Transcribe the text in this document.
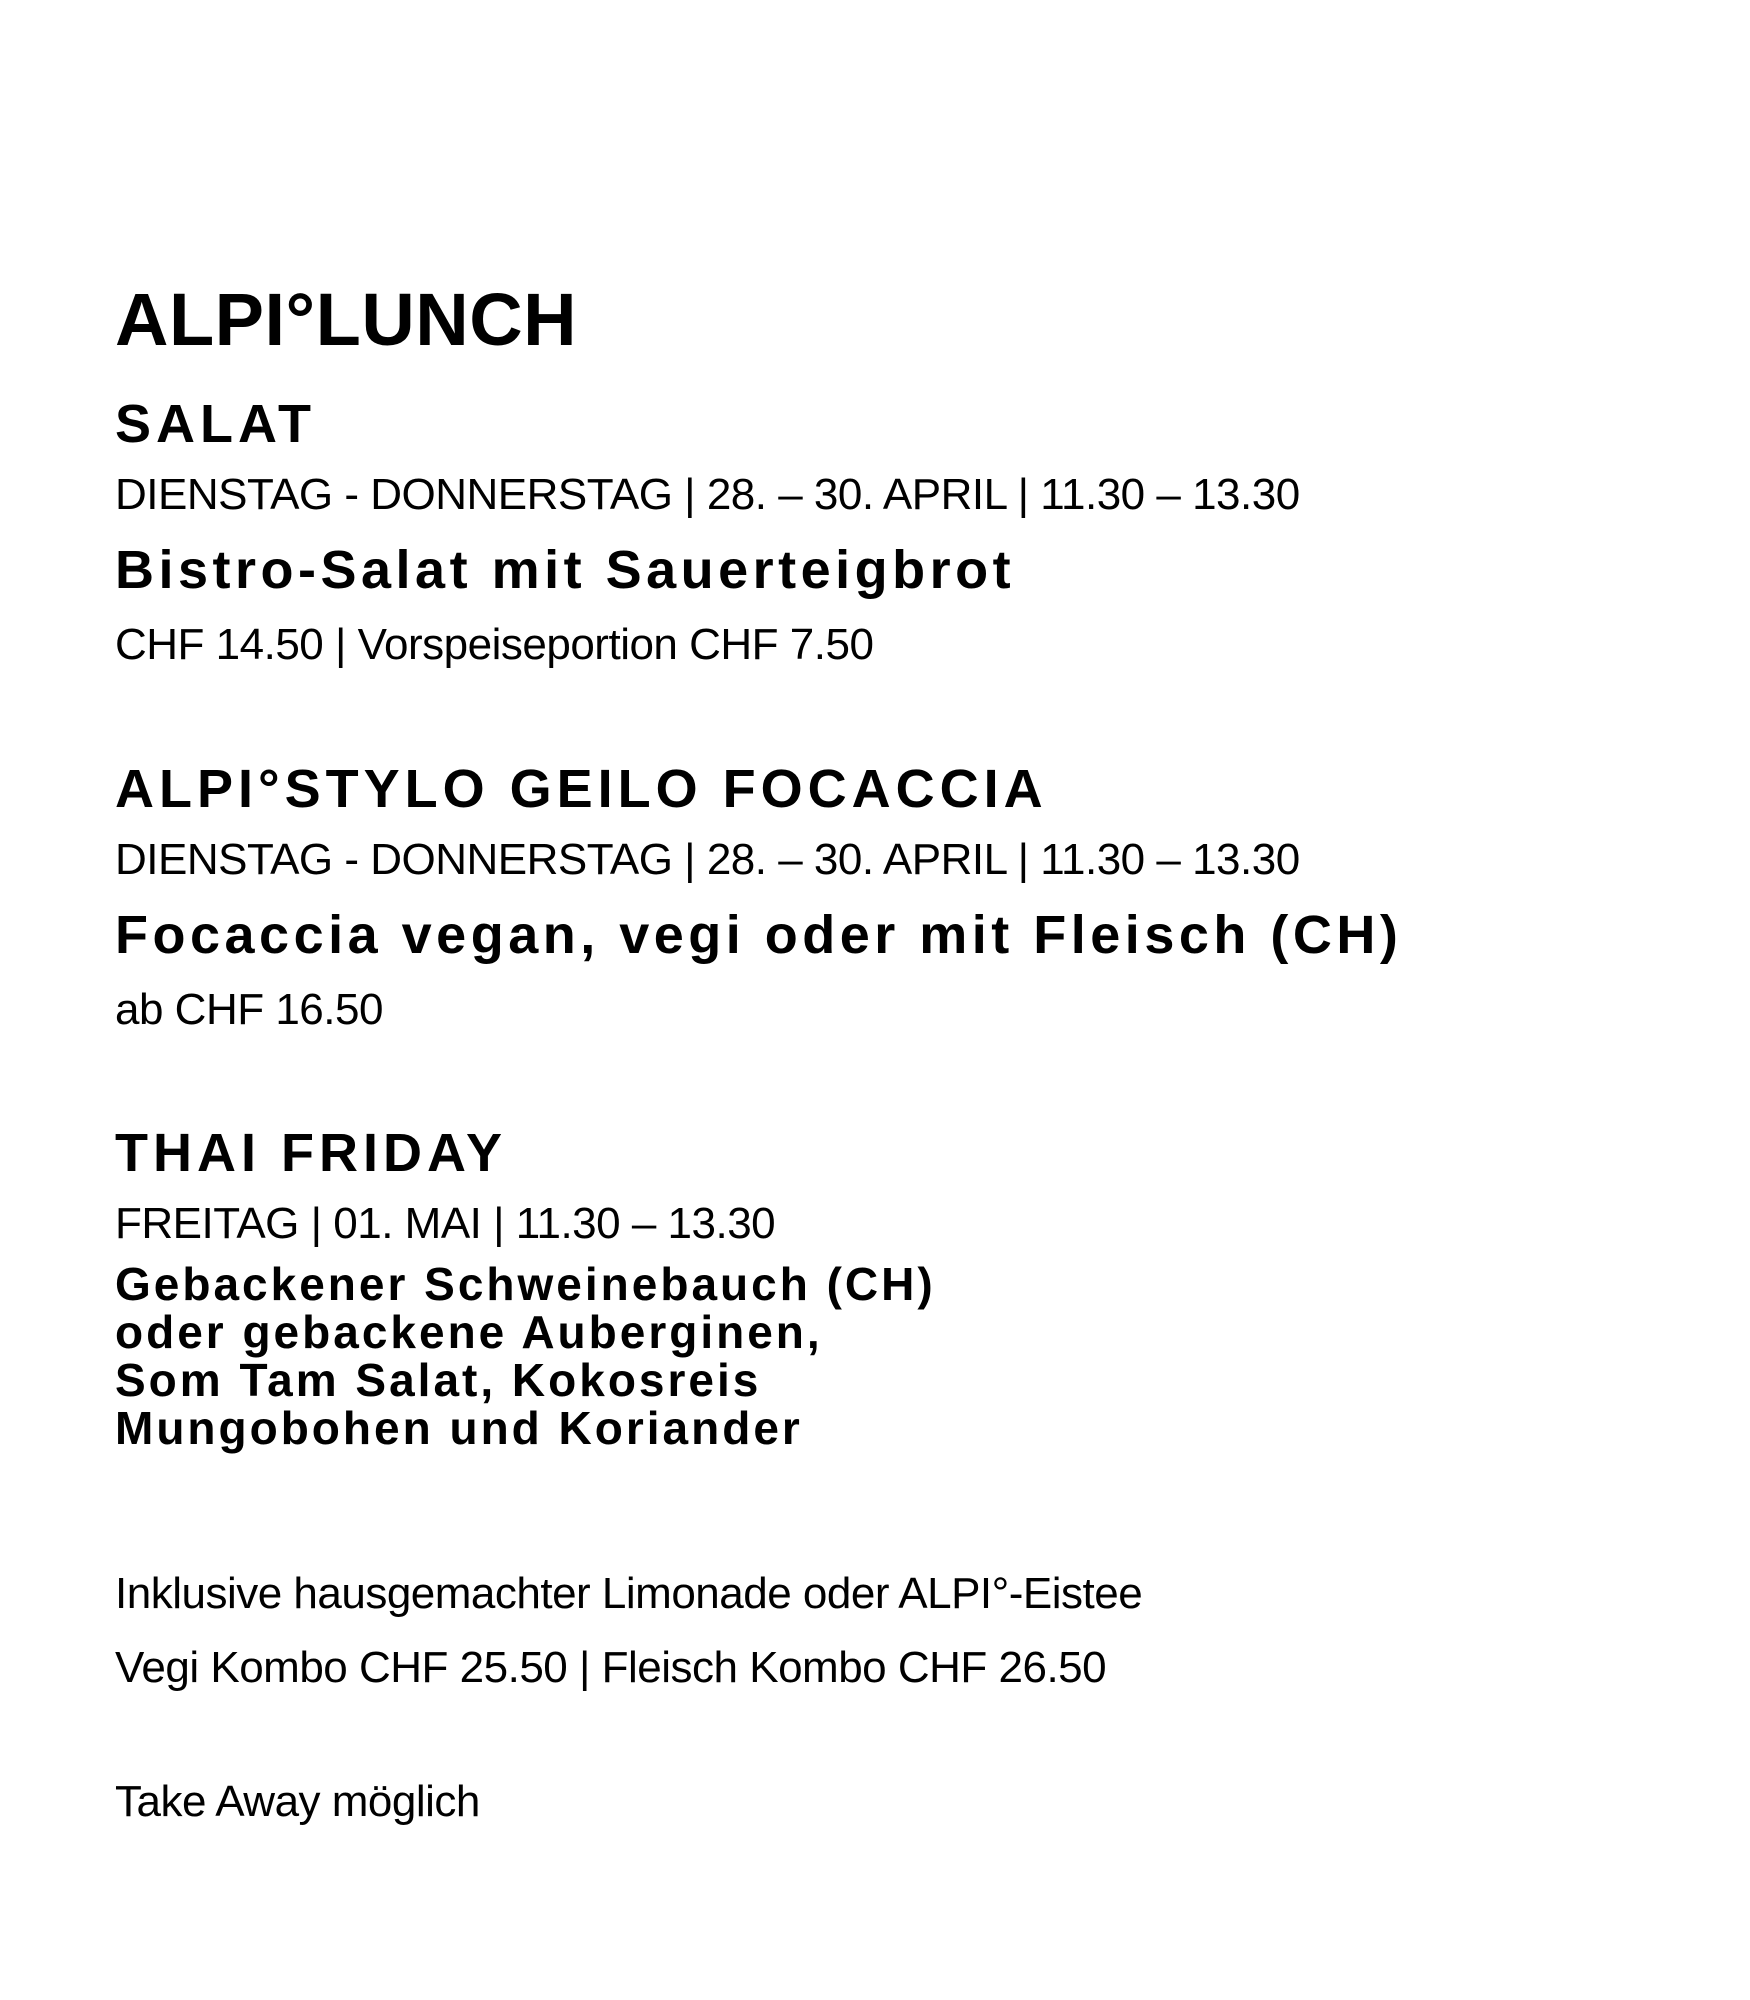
ALPI°LUNCH
SALAT
DIENSTAG - DONNERSTAG | 28. – 30. APRIL | 11.30 – 13.30
Bistro-Salat mit Sauerteigbrot
CHF 14.50 | Vorspeiseportion CHF 7.50
ALPI°STYLO GEILO FOCACCIA
DIENSTAG - DONNERSTAG | 28. – 30. APRIL | 11.30 – 13.30
Focaccia vegan, vegi oder mit Fleisch (CH)
ab CHF 16.50
THAI FRIDAY
FREITAG | 01. MAI | 11.30 – 13.30
Gebackener Schweinebauch (CH)
oder gebackene Auberginen,
Som Tam Salat, Kokosreis
Mungobohen und Koriander
Inklusive hausgemachter Limonade oder ALPI°-Eistee
Vegi Kombo CHF 25.50 | Fleisch Kombo CHF 26.50
Take Away möglich
